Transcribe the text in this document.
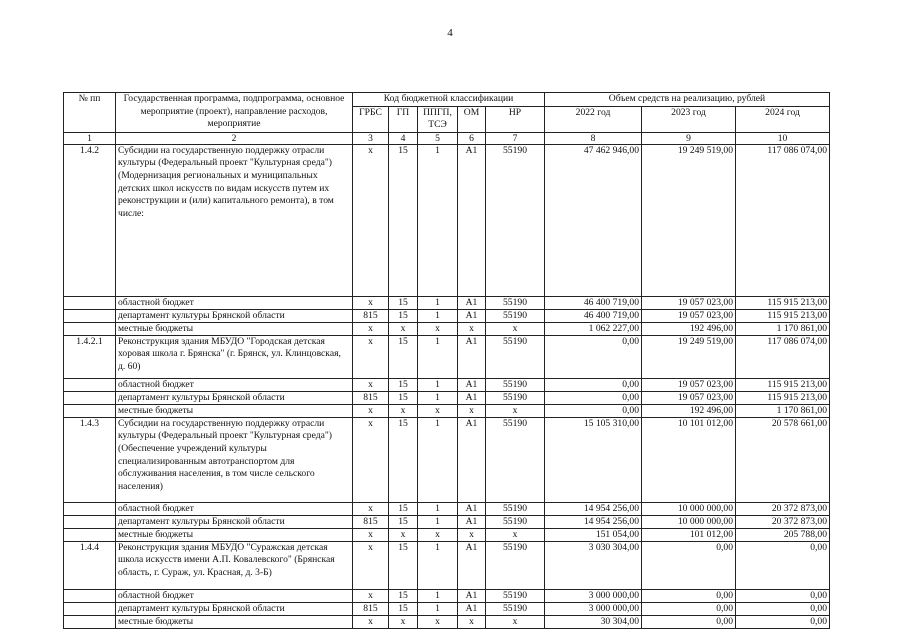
4
№ пп	Государственная программа, подпрограмма, основное мероприятие (проект), направление расходов, мероприятие	Код бюджетной классификации					Объем средств на реализацию, рублей		
		ГРБС	ГП	ППГП, ТСЭ	ОМ	НР	2022 год	2023 год	2024 год
1	2	3	4	5	6	7	8	9	10
1.4.2	Субсидии на государственную поддержку отрасли культуры (Федеральный проект "Культурная среда") (Модернизация региональных и муниципальных детских школ искусств по видам искусств путем их реконструкции и (или) капитального ремонта), в том числе:	x	15	1	А1	55190	47 462 946,00	19 249 519,00	117 086 074,00
	областной бюджет	x	15	1	А1	55190	46 400 719,00	19 057 023,00	115 915 213,00
	департамент культуры Брянской области	815	15	1	А1	55190	46 400 719,00	19 057 023,00	115 915 213,00
	местные бюджеты	x	x	x	x	x	1 062 227,00	192 496,00	1 170 861,00
1.4.2.1	Реконструкция здания МБУДО "Городская детская хоровая школа г. Брянска" (г. Брянск, ул. Клинцовская, д. 60)	x	15	1	А1	55190	0,00	19 249 519,00	117 086 074,00
	областной бюджет	x	15	1	А1	55190	0,00	19 057 023,00	115 915 213,00
	департамент культуры Брянской области	815	15	1	А1	55190	0,00	19 057 023,00	115 915 213,00
	местные бюджеты	x	x	x	x	x	0,00	192 496,00	1 170 861,00
1.4.3	Субсидии на государственную поддержку отрасли культуры (Федеральный проект "Культурная среда") (Обеспечение учреждений культуры специализированным автотранспортом для обслуживания населения, в том числе сельского населения)	x	15	1	А1	55190	15 105 310,00	10 101 012,00	20 578 661,00
	областной бюджет	x	15	1	А1	55190	14 954 256,00	10 000 000,00	20 372 873,00
	департамент культуры Брянской области	815	15	1	А1	55190	14 954 256,00	10 000 000,00	20 372 873,00
	местные бюджеты	x	x	x	x	x	151 054,00	101 012,00	205 788,00
1.4.4	Реконструкция здания МБУДО "Суражская детская школа искусств имени А.П. Ковалевского" (Брянская область, г. Сураж, ул. Красная, д. 3-Б)	x	15	1	А1	55190	3 030 304,00	0,00	0,00
	областной бюджет	x	15	1	А1	55190	3 000 000,00	0,00	0,00
	департамент культуры Брянской области	815	15	1	А1	55190	3 000 000,00	0,00	0,00
	местные бюджеты	x	x	x	x	x	30 304,00	0,00	0,00
